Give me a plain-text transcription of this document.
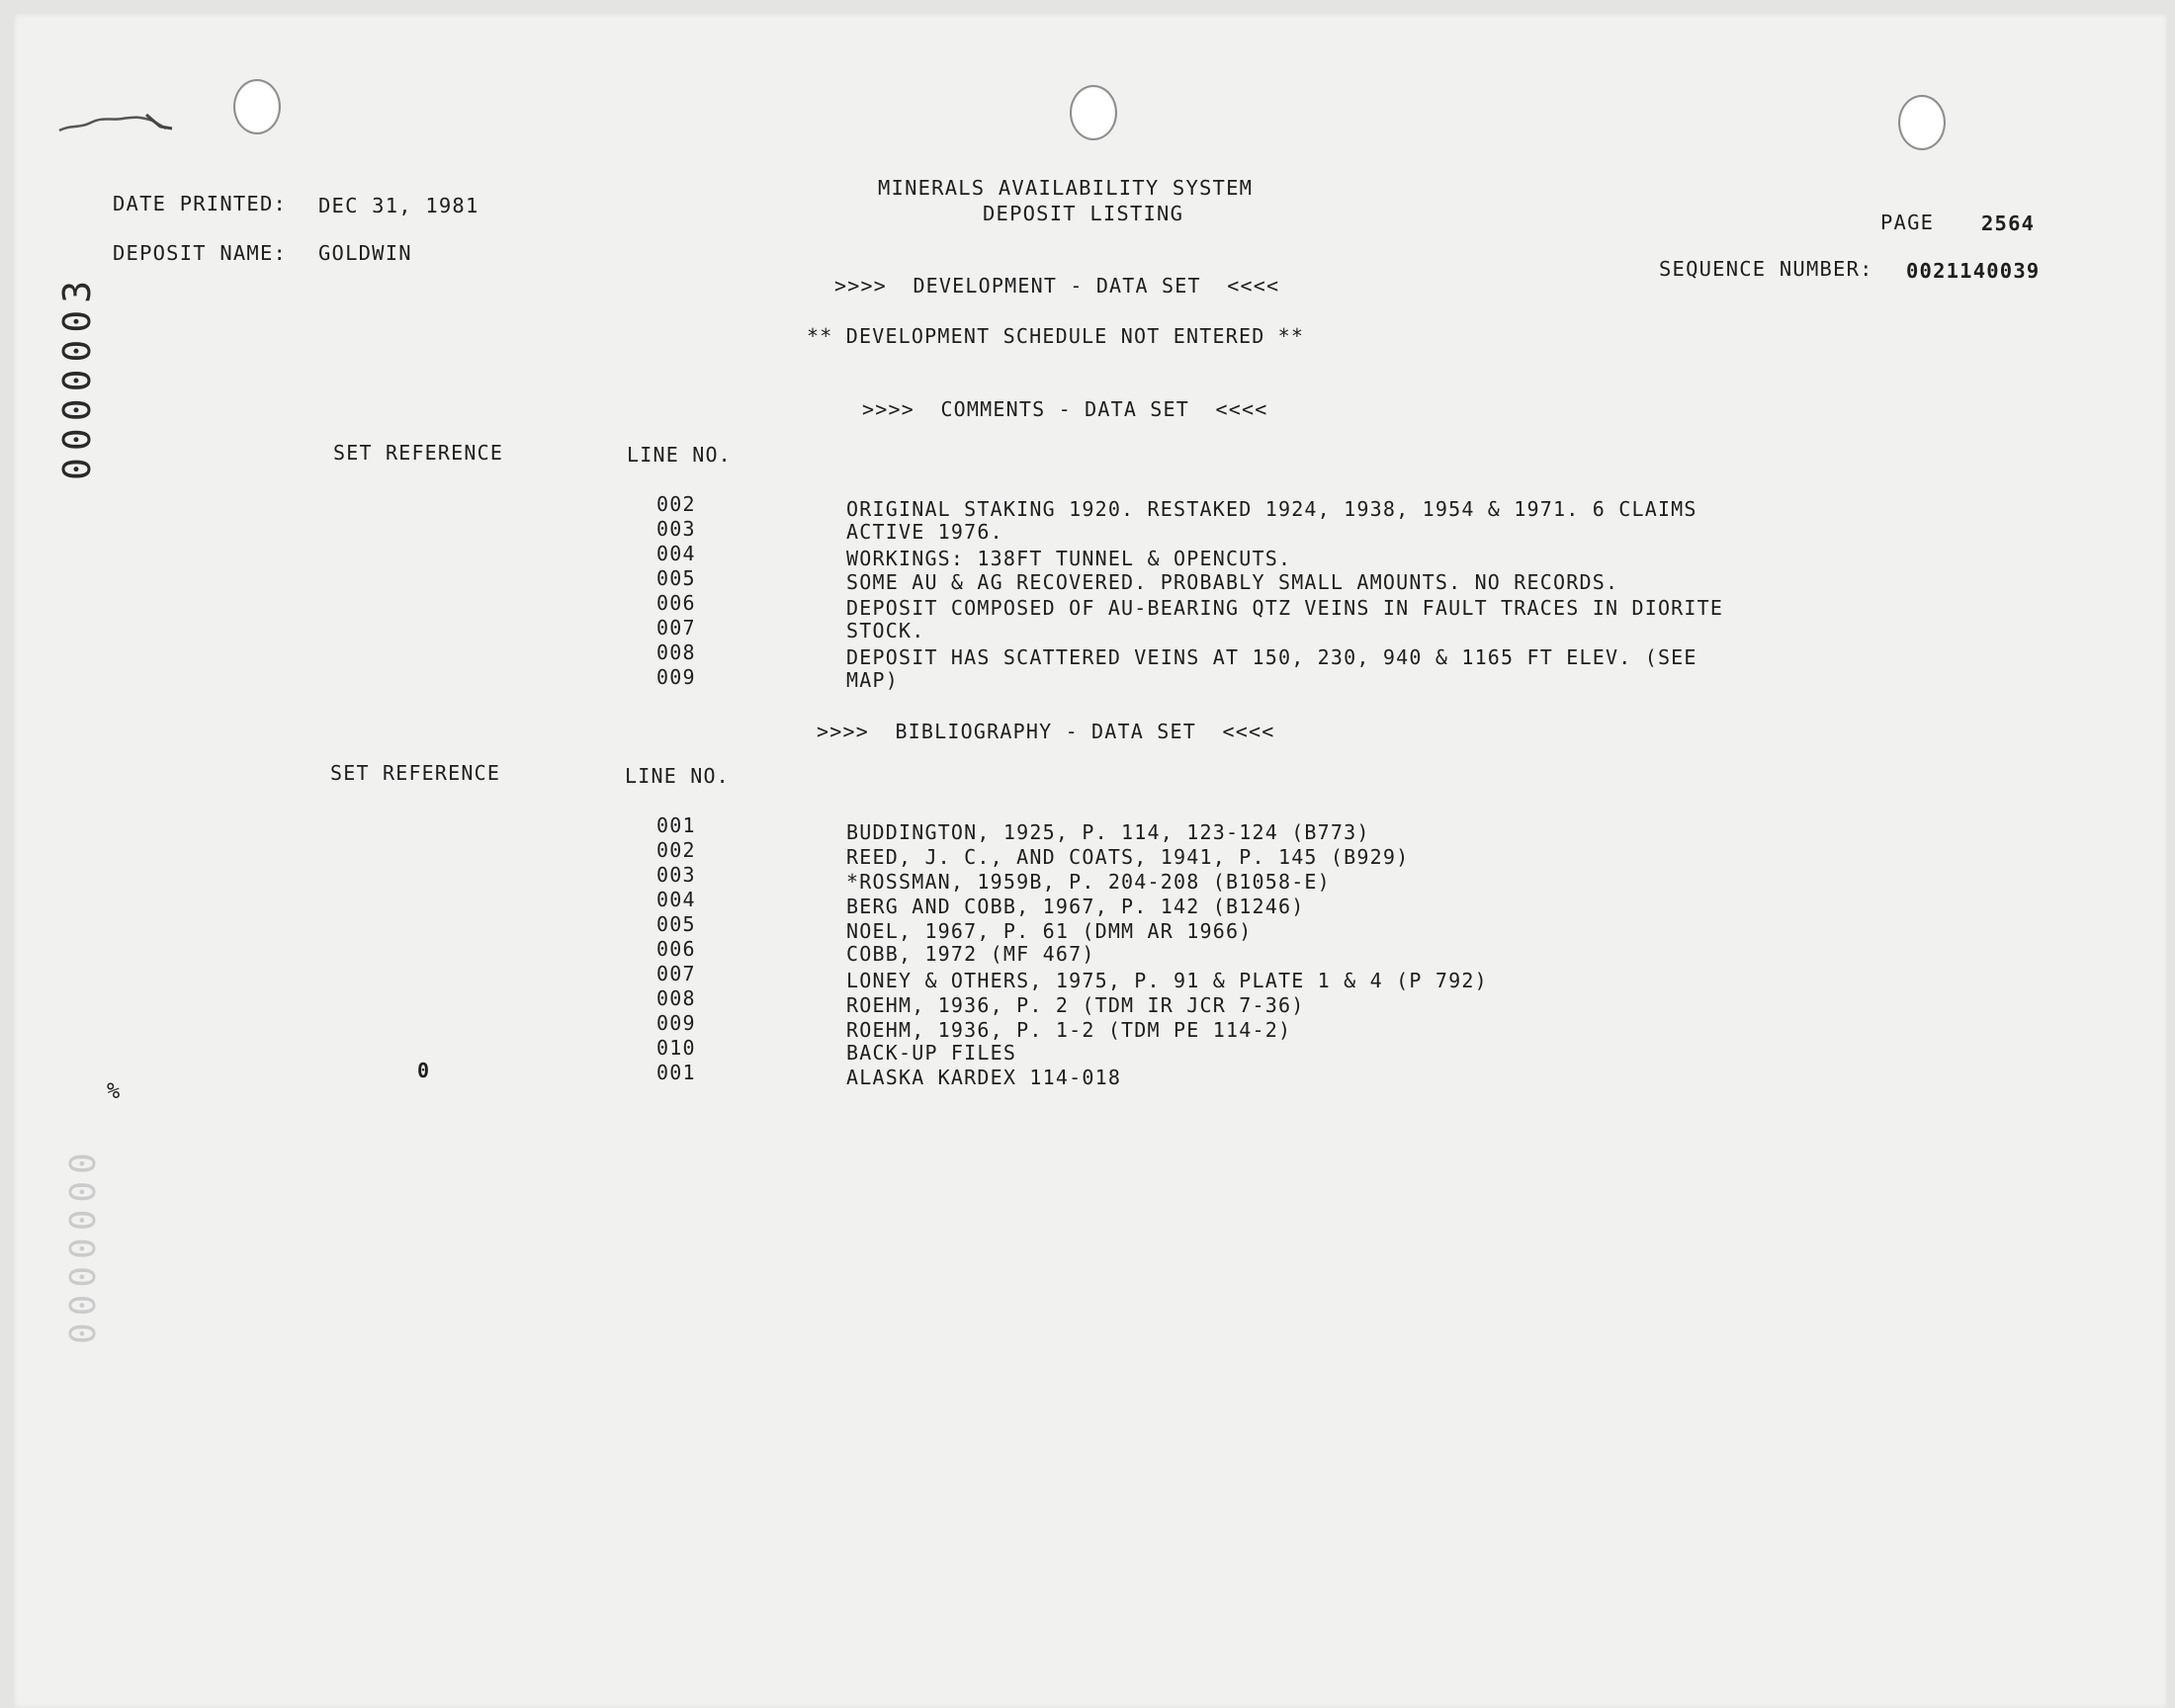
0000003
0000000
MINERALS AVAILABILITY SYSTEM
DEPOSIT LISTING
DATE PRINTED: DEC 31, 1981
DEPOSIT NAME: GOLDWIN
PAGE 2564
SEQUENCE NUMBER: 0021140039
>>>>  DEVELOPMENT - DATA SET  <<<<
** DEVELOPMENT SCHEDULE NOT ENTERED **
>>>>  COMMENTS - DATA SET  <<<<
SET REFERENCE	LINE NO.
002	ORIGINAL STAKING 1920. RESTAKED 1924, 1938, 1954 & 1971. 6 CLAIMS
003	ACTIVE 1976.
004	WORKINGS: 138FT TUNNEL & OPENCUTS.
005	SOME AU & AG RECOVERED. PROBABLY SMALL AMOUNTS. NO RECORDS.
006	DEPOSIT COMPOSED OF AU-BEARING QTZ VEINS IN FAULT TRACES IN DIORITE
007	STOCK.
008	DEPOSIT HAS SCATTERED VEINS AT 150, 230, 940 & 1165 FT ELEV. (SEE
009	MAP)
>>>>  BIBLIOGRAPHY - DATA SET  <<<<
SET REFERENCE	LINE NO.
001	BUDDINGTON, 1925, P. 114, 123-124 (B773)
002	REED, J. C., AND COATS, 1941, P. 145 (B929)
003	*ROSSMAN, 1959B, P. 204-208 (B1058-E)
004	BERG AND COBB, 1967, P. 142 (B1246)
005	NOEL, 1967, P. 61 (DMM AR 1966)
006	COBB, 1972 (MF 467)
007	LONEY & OTHERS, 1975, P. 91 & PLATE 1 & 4 (P 792)
008	ROEHM, 1936, P. 2 (TDM IR JCR 7-36)
009	ROEHM, 1936, P. 1-2 (TDM PE 114-2)
010	BACK-UP FILES
0	001	ALASKA KARDEX 114-018
%
